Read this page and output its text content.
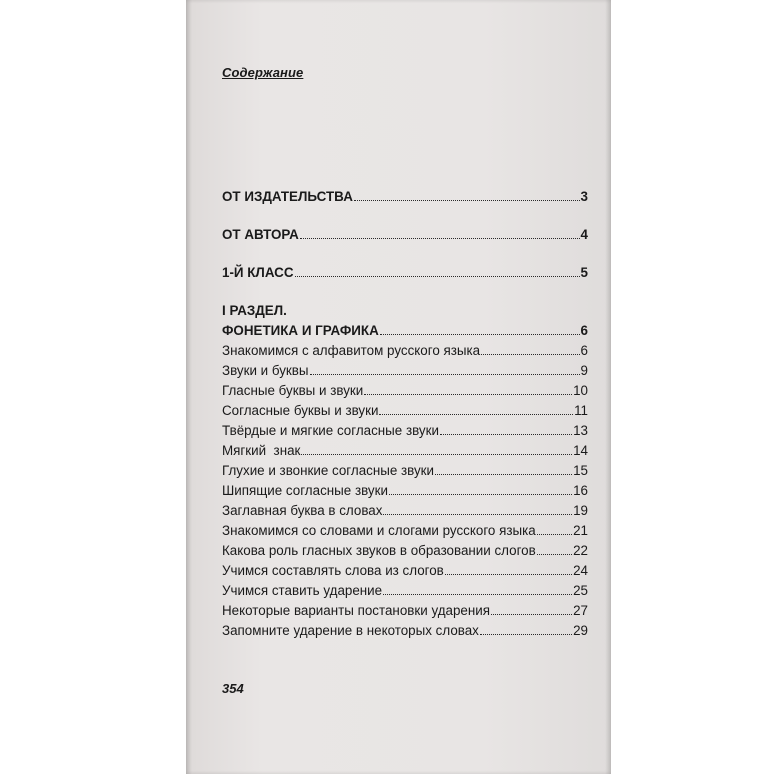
Содержание
ОТ ИЗДАТЕЛЬСТВА	3
ОТ АВТОРА	4
1-Й КЛАСС	5
I РАЗДЕЛ.
ФОНЕТИКА И ГРАФИКА	6
Знакомимся с алфавитом русского языка	6
Звуки и буквы	9
Гласные буквы и звуки	10
Согласные буквы и звуки	11
Твёрдые и мягкие согласные звуки	13
Мягкий  знак	14
Глухие и звонкие согласные звуки	15
Шипящие согласные звуки	16
Заглавная буква в словах	19
Знакомимся со словами и слогами русского языка	21
Какова роль гласных звуков в образовании слогов	22
Учимся составлять слова из слогов	24
Учимся ставить ударение	25
Некоторые варианты постановки ударения	27
Запомните ударение в некоторых словах	29
354
